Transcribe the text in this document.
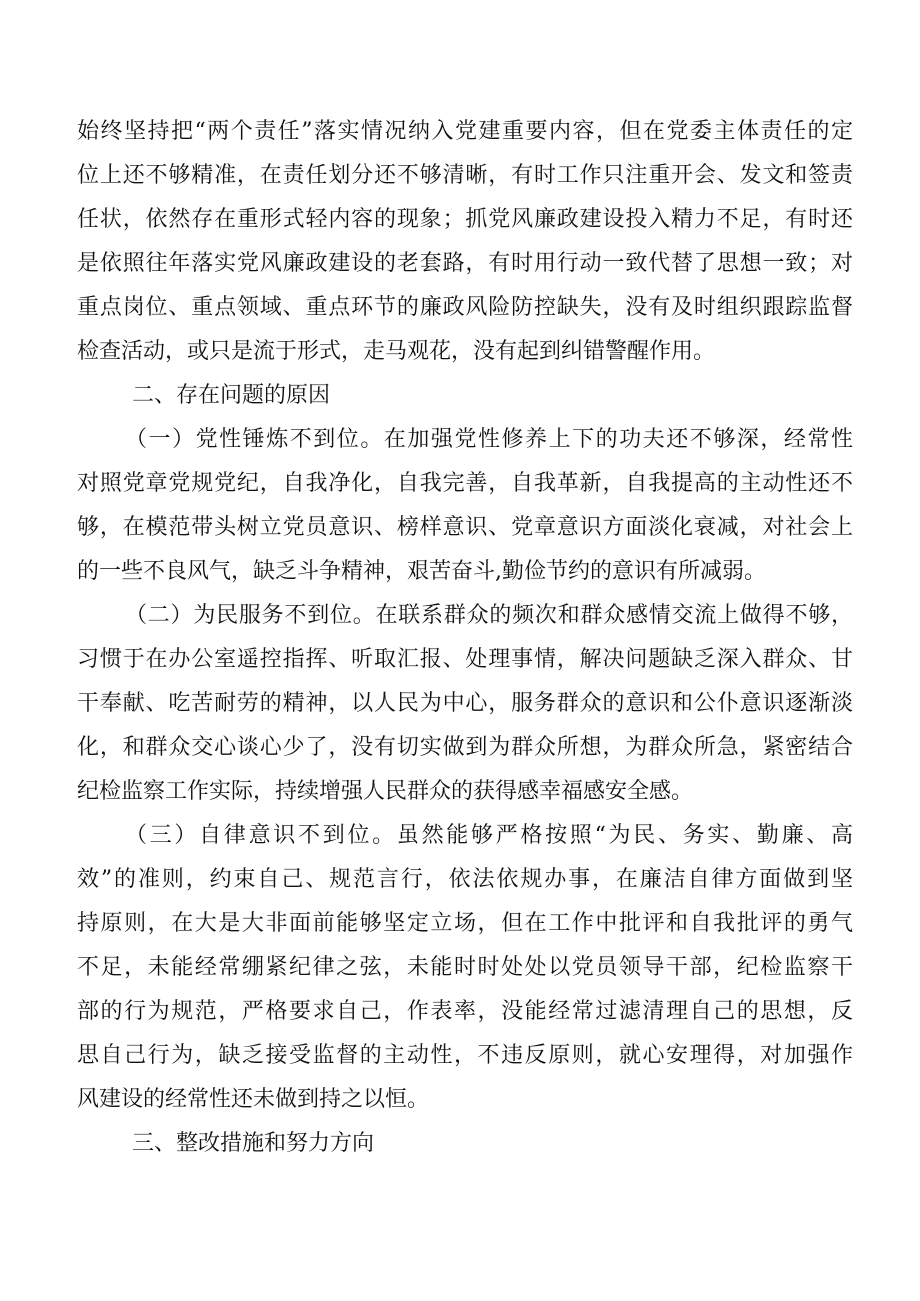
始终坚持把“两个责任”落实情况纳入党建重要内容，但在党委主体责任的定
位上还不够精准，在责任划分还不够清晰，有时工作只注重开会、发文和签责
任状，依然存在重形式轻内容的现象；抓党风廉政建设投入精力不足，有时还
是依照往年落实党风廉政建设的老套路，有时用行动一致代替了思想一致；对
重点岗位、重点领域、重点环节的廉政风险防控缺失，没有及时组织跟踪监督
检查活动，或只是流于形式，走马观花，没有起到纠错警醒作用。
二、存在问题的原因
（一）党性锤炼不到位。在加强党性修养上下的功夫还不够深，经常性
对照党章党规党纪，自我净化，自我完善，自我革新，自我提高的主动性还不
够，在模范带头树立党员意识、榜样意识、党章意识方面淡化衰减，对社会上
的一些不良风气，缺乏斗争精神，艰苦奋斗,勤俭节约的意识有所减弱。
（二）为民服务不到位。在联系群众的频次和群众感情交流上做得不够，
习惯于在办公室遥控指挥、听取汇报、处理事情，解决问题缺乏深入群众、甘
干奉献、吃苦耐劳的精神，以人民为中心，服务群众的意识和公仆意识逐渐淡
化，和群众交心谈心少了，没有切实做到为群众所想，为群众所急，紧密结合
纪检监察工作实际，持续增强人民群众的获得感幸福感安全感。
（三）自律意识不到位。虽然能够严格按照“为民、务实、勤廉、高
效”的准则，约束自己、规范言行，依法依规办事，在廉洁自律方面做到坚
持原则，在大是大非面前能够坚定立场，但在工作中批评和自我批评的勇气
不足，未能经常绷紧纪律之弦，未能时时处处以党员领导干部，纪检监察干
部的行为规范，严格要求自己，作表率，没能经常过滤清理自己的思想，反
思自己行为，缺乏接受监督的主动性，不违反原则，就心安理得，对加强作
风建设的经常性还未做到持之以恒。
三、整改措施和努力方向
